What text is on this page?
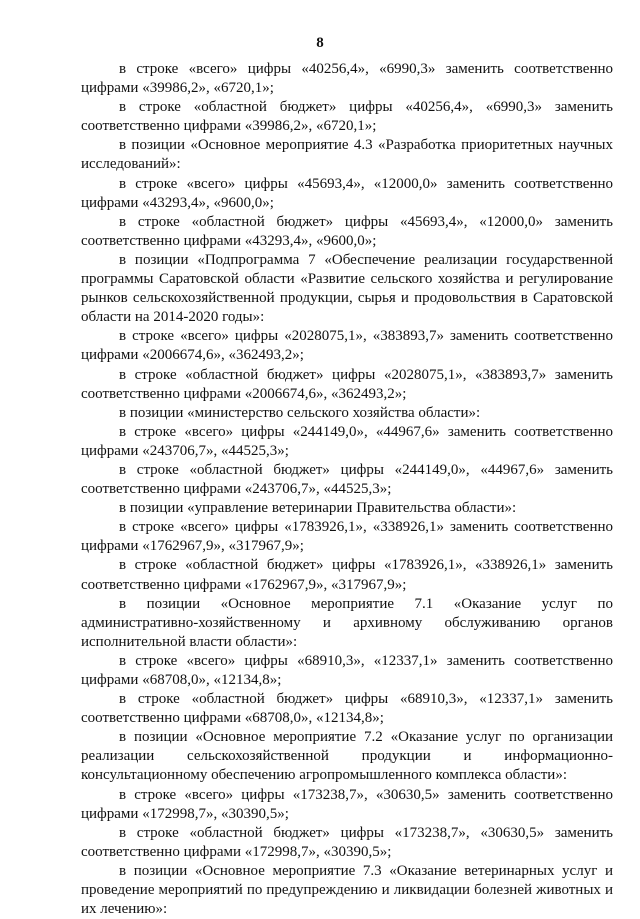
8

в строке «всего» цифры «40256,4», «6990,3» заменить соответственно цифрами «39986,2», «6720,1»;

в строке «областной бюджет» цифры «40256,4», «6990,3» заменить соответственно цифрами «39986,2», «6720,1»;

в позиции «Основное мероприятие 4.3 «Разработка приоритетных научных исследований»:

в строке «всего» цифры «45693,4», «12000,0» заменить соответственно цифрами «43293,4», «9600,0»;

в строке «областной бюджет» цифры «45693,4», «12000,0» заменить соответственно цифрами «43293,4», «9600,0»;

в позиции «Подпрограмма 7 «Обеспечение реализации государственной программы Саратовской области «Развитие сельского хозяйства и регулирование рынков сельскохозяйственной продукции, сырья и продовольствия в Саратовской области на 2014-2020 годы»:

в строке «всего» цифры «2028075,1», «383893,7» заменить соответственно цифрами «2006674,6», «362493,2»;

в строке «областной бюджет» цифры «2028075,1», «383893,7» заменить соответственно цифрами «2006674,6», «362493,2»;

в позиции «министерство сельского хозяйства области»:

в строке «всего» цифры «244149,0», «44967,6» заменить соответственно цифрами «243706,7», «44525,3»;

в строке «областной бюджет» цифры «244149,0», «44967,6» заменить соответственно цифрами «243706,7», «44525,3»;

в позиции «управление ветеринарии Правительства области»:

в строке «всего» цифры «1783926,1», «338926,1» заменить соответственно цифрами «1762967,9», «317967,9»;

в строке «областной бюджет» цифры «1783926,1», «338926,1» заменить соответственно цифрами «1762967,9», «317967,9»;

в позиции «Основное мероприятие 7.1 «Оказание услуг по административно-хозяйственному и архивному обслуживанию органов исполнительной власти области»:

в строке «всего» цифры «68910,3», «12337,1» заменить соответственно цифрами «68708,0», «12134,8»;

в строке «областной бюджет» цифры «68910,3», «12337,1» заменить соответственно цифрами «68708,0», «12134,8»;

в позиции «Основное мероприятие 7.2 «Оказание услуг по организации реализации сельскохозяйственной продукции и информационно-консультационному обеспечению агропромышленного комплекса области»:

в строке «всего» цифры «173238,7», «30630,5» заменить соответственно цифрами «172998,7», «30390,5»;

в строке «областной бюджет» цифры «173238,7», «30630,5» заменить соответственно цифрами «172998,7», «30390,5»;

в позиции «Основное мероприятие 7.3 «Оказание ветеринарных услуг и проведение мероприятий по предупреждению и ликвидации болезней животных и их лечению»:
